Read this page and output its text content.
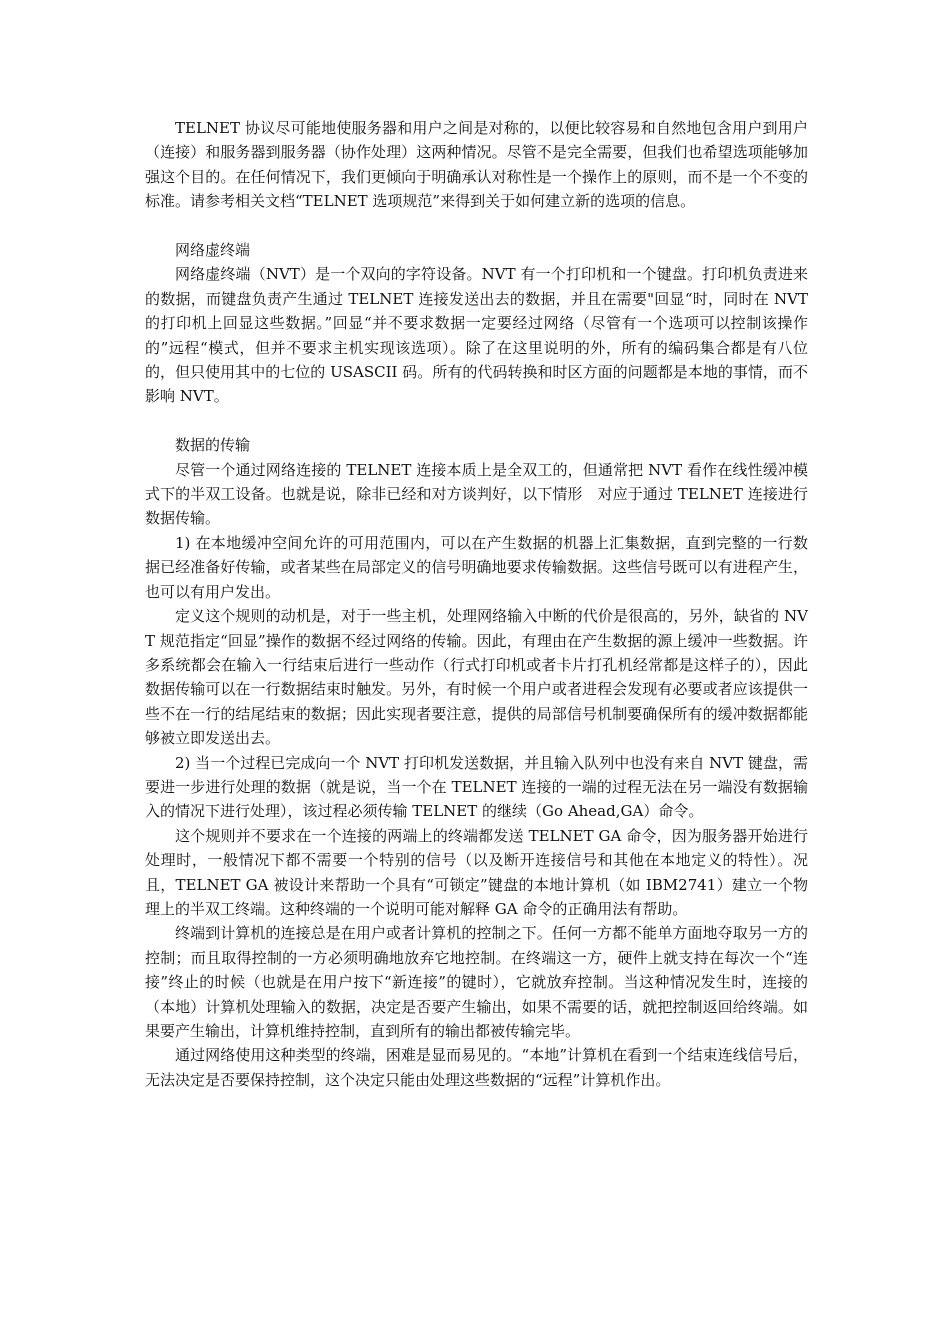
TELNET 协议尽可能地使服务器和用户之间是对称的，以便比较容易和自然地包含用户到用户（连接）和服务器到服务器（协作处理）这两种情况。尽管不是完全需要，但我们也希望选项能够加强这个目的。在任何情况下，我们更倾向于明确承认对称性是一个操作上的原则，而不是一个不变的标准。请参考相关文档“TELNET 选项规范”来得到关于如何建立新的选项的信息。

网络虚终端

网络虚终端（NVT）是一个双向的字符设备。NVT 有一个打印机和一个键盘。打印机负责进来的数据，而键盘负责产生通过 TELNET 连接发送出去的数据，并且在需要"回显“时，同时在 NVT 的打印机上回显这些数据。”回显“并不要求数据一定要经过网络（尽管有一个选项可以控制该操作的”远程“模式，但并不要求主机实现该选项）。除了在这里说明的外，所有的编码集合都是有八位的，但只使用其中的七位的 USASCII 码。所有的代码转换和时区方面的问题都是本地的事情，而不影响 NVT。

数据的传输

尽管一个通过网络连接的 TELNET 连接本质上是全双工的，但通常把 NVT 看作在线性缓冲模式下的半双工设备。也就是说，除非已经和对方谈判好，以下情形　对应于通过 TELNET 连接进行数据传输。

1) 在本地缓冲空间允许的可用范围内，可以在产生数据的机器上汇集数据，直到完整的一行数据已经准备好传输，或者某些在局部定义的信号明确地要求传输数据。这些信号既可以有进程产生，也可以有用户发出。

定义这个规则的动机是，对于一些主机，处理网络输入中断的代价是很高的，另外，缺省的 NVT 规范指定“回显”操作的数据不经过网络的传输。因此，有理由在产生数据的源上缓冲一些数据。许多系统都会在输入一行结束后进行一些动作（行式打印机或者卡片打孔机经常都是这样子的），因此数据传输可以在一行数据结束时触发。另外，有时候一个用户或者进程会发现有必要或者应该提供一些不在一行的结尾结束的数据；因此实现者要注意，提供的局部信号机制要确保所有的缓冲数据都能够被立即发送出去。

2) 当一个过程已完成向一个 NVT 打印机发送数据，并且输入队列中也没有来自 NVT 键盘，需要进一步进行处理的数据（就是说，当一个在 TELNET 连接的一端的过程无法在另一端没有数据输入的情况下进行处理），该过程必须传输 TELNET 的继续（Go Ahead,GA）命令。

这个规则并不要求在一个连接的两端上的终端都发送 TELNET GA 命令，因为服务器开始进行处理时，一般情况下都不需要一个特别的信号（以及断开连接信号和其他在本地定义的特性）。况且，TELNET GA 被设计来帮助一个具有“可锁定”键盘的本地计算机（如 IBM2741）建立一个物理上的半双工终端。这种终端的一个说明可能对解释 GA 命令的正确用法有帮助。

终端到计算机的连接总是在用户或者计算机的控制之下。任何一方都不能单方面地夺取另一方的控制；而且取得控制的一方必须明确地放弃它地控制。在终端这一方，硬件上就支持在每次一个“连接”终止的时候（也就是在用户按下“新连接”的键时），它就放弃控制。当这种情况发生时，连接的（本地）计算机处理输入的数据，决定是否要产生输出，如果不需要的话，就把控制返回给终端。如果要产生输出，计算机维持控制，直到所有的输出都被传输完毕。

通过网络使用这种类型的终端，困难是显而易见的。“本地”计算机在看到一个结束连线信号后，无法决定是否要保持控制，这个决定只能由处理这些数据的“远程”计算机作出。
